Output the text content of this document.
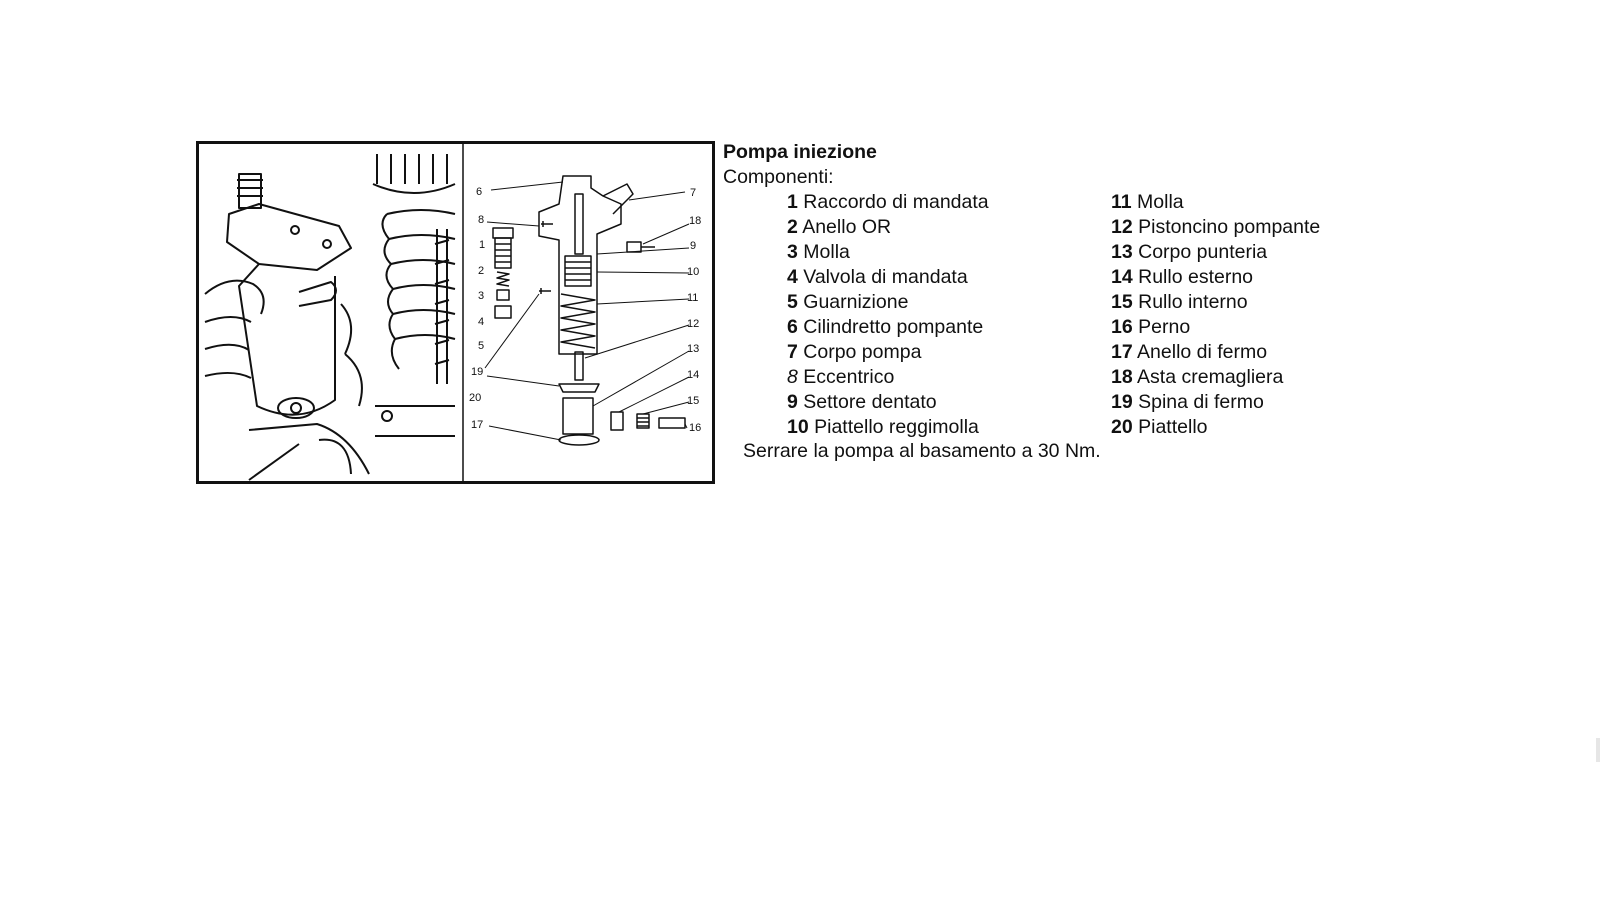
6	7
8	18
1	9
2	10
3	11
4	12
5	13
19	14
20	15
17	16
Pompa iniezione
Componenti:
1 Raccordo di mandata
2 Anello OR
3 Molla
4 Valvola di mandata
5 Guarnizione
6 Cilindretto pompante
7 Corpo pompa
8 Eccentrico
9 Settore dentato
10 Piattello reggimolla
11 Molla
12 Pistoncino pompante
13 Corpo punteria
14 Rullo esterno
15 Rullo interno
16 Perno
17 Anello di fermo
18 Asta cremagliera
19 Spina di fermo
20 Piattello
Serrare la pompa al basamento a 30 Nm.
